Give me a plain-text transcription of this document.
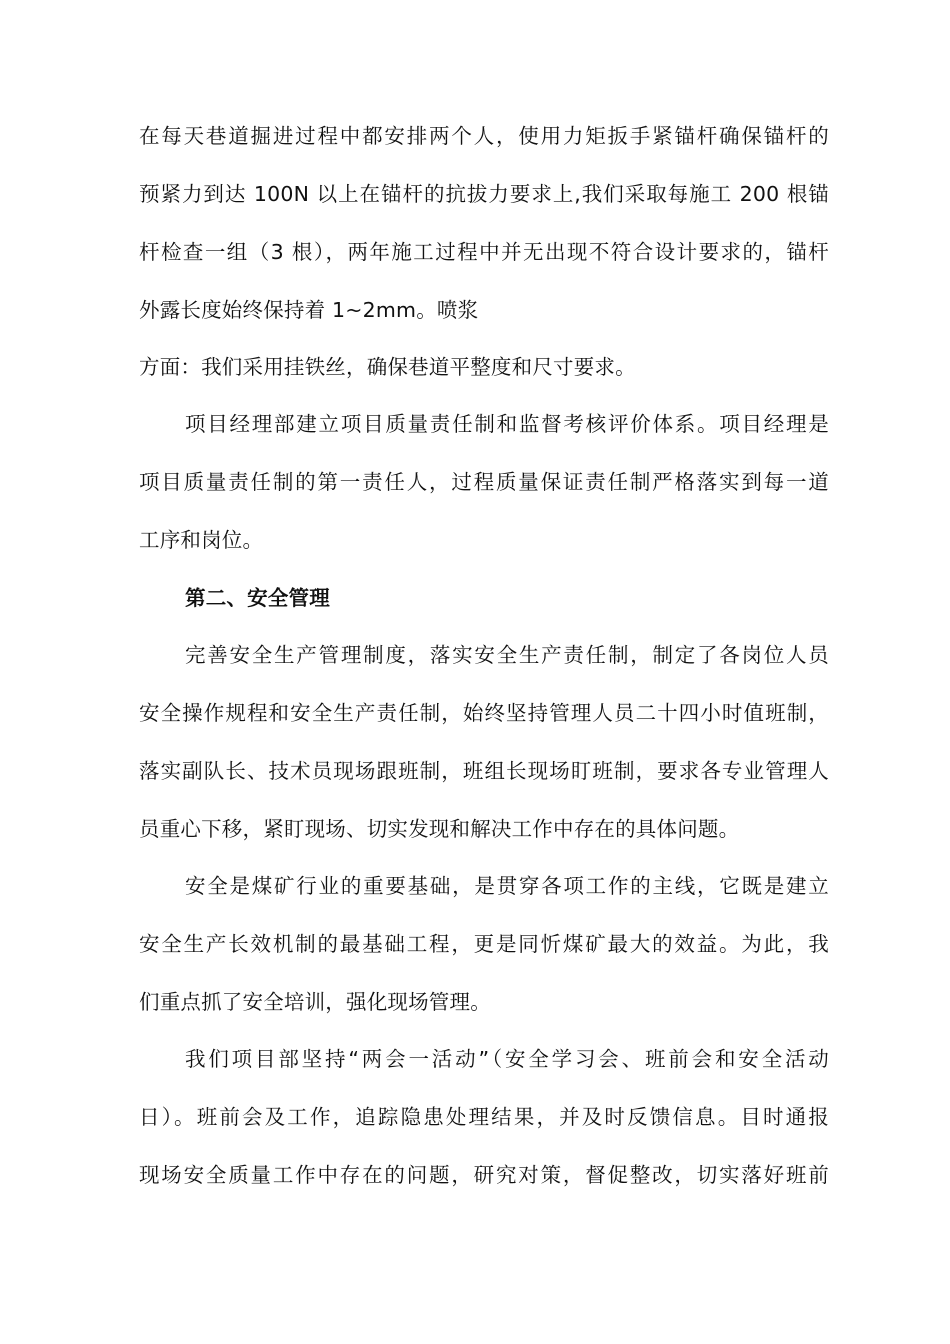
在每天巷道掘进过程中都安排两个人，使用力矩扳手紧锚杆确保锚杆的
预紧力到达 100N 以上在锚杆的抗拔力要求上,我们采取每施工 200 根锚
杆检查一组（3 根），两年施工过程中并无出现不符合设计要求的，锚杆
外露长度始终保持着 1~2mm。喷浆
方面：我们采用挂铁丝，确保巷道平整度和尺寸要求。
项目经理部建立项目质量责任制和监督考核评价体系。项目经理是
项目质量责任制的第一责任人，过程质量保证责任制严格落实到每一道
工序和岗位。
第二、安全管理
完善安全生产管理制度，落实安全生产责任制，制定了各岗位人员
安全操作规程和安全生产责任制，始终坚持管理人员二十四小时值班制，
落实副队长、技术员现场跟班制，班组长现场盯班制，要求各专业管理人
员重心下移，紧盯现场、切实发现和解决工作中存在的具体问题。
安全是煤矿行业的重要基础，是贯穿各项工作的主线，它既是建立
安全生产长效机制的最基础工程，更是同忻煤矿最大的效益。为此，我
们重点抓了安全培训，强化现场管理。
我们项目部坚持“两会一活动”（安全学习会、班前会和安全活动
日）。班前会及工作，追踪隐患处理结果，并及时反馈信息。目时通报
现场安全质量工作中存在的问题，研究对策，督促整改，切实落好班前
